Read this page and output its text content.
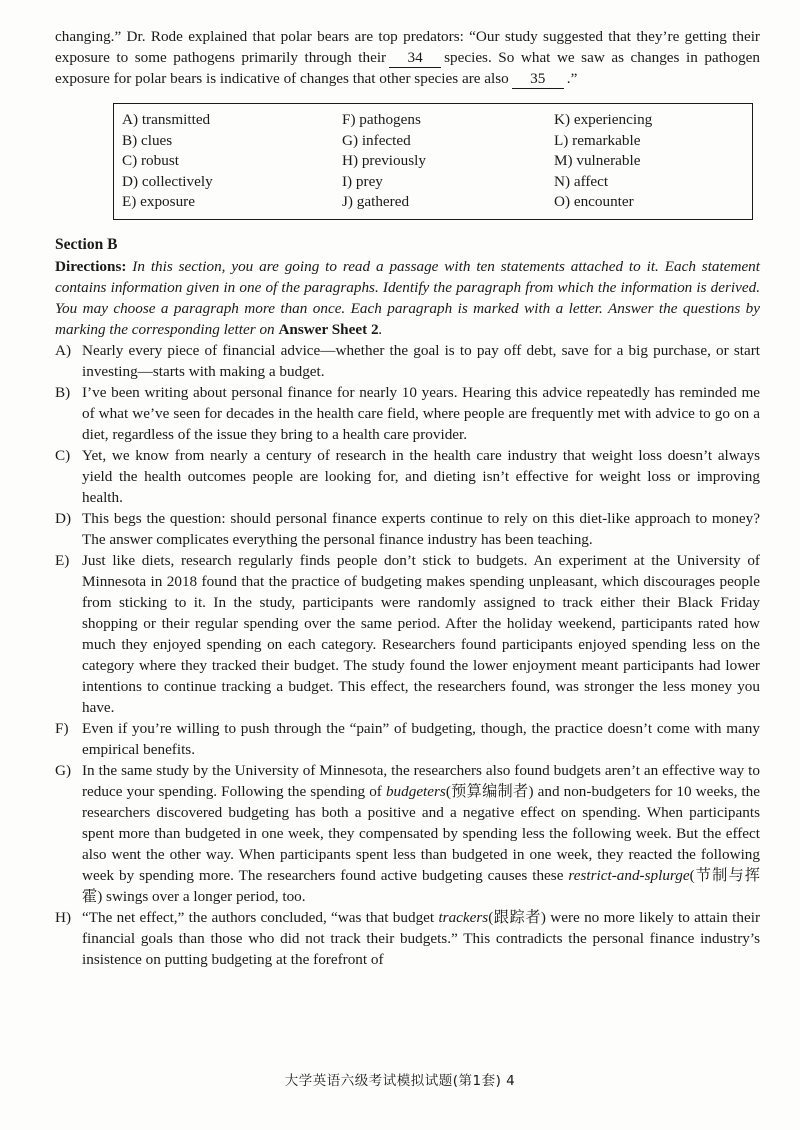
changing.” Dr. Rode explained that polar bears are top predators: “Our study suggested that they’re getting their exposure to some pathogens primarily through their 34 species. So what we saw as changes in pathogen exposure for polar bears is indicative of changes that other species are also 35 .”

A) transmitted	F) pathogens	K) experiencing
B) clues	G) infected	L) remarkable
C) robust	H) previously	M) vulnerable
D) collectively	I) prey	N) affect
E) exposure	J) gathered	O) encounter
Section B

Directions: In this section, you are going to read a passage with ten statements attached to it. Each statement contains information given in one of the paragraphs. Identify the paragraph from which the information is derived. You may choose a paragraph more than once. Each paragraph is marked with a letter. Answer the questions by marking the corresponding letter on Answer Sheet 2.

A) Nearly every piece of financial advice—whether the goal is to pay off debt, save for a big purchase, or start investing—starts with making a budget.
B) I’ve been writing about personal finance for nearly 10 years. Hearing this advice repeatedly has reminded me of what we’ve seen for decades in the health care field, where people are frequently met with advice to go on a diet, regardless of the issue they bring to a health care provider.
C) Yet, we know from nearly a century of research in the health care industry that weight loss doesn’t always yield the health outcomes people are looking for, and dieting isn’t effective for weight loss or improving health.
D) This begs the question: should personal finance experts continue to rely on this diet-like approach to money? The answer complicates everything the personal finance industry has been teaching.
E) Just like diets, research regularly finds people don’t stick to budgets. An experiment at the University of Minnesota in 2018 found that the practice of budgeting makes spending unpleasant, which discourages people from sticking to it. In the study, participants were randomly assigned to track either their Black Friday shopping or their regular spending over the same period. After the holiday weekend, participants rated how much they enjoyed spending on each category. Researchers found participants enjoyed spending less on the category where they tracked their budget. The study found the lower enjoyment meant participants had lower intentions to continue tracking a budget. This effect, the researchers found, was stronger the less money you have.
F) Even if you’re willing to push through the “pain” of budgeting, though, the practice doesn’t come with many empirical benefits.
G) In the same study by the University of Minnesota, the researchers also found budgets aren’t an effective way to reduce your spending. Following the spending of budgeters(预算编制者) and non-budgeters for 10 weeks, the researchers discovered budgeting has both a positive and a negative effect on spending. When participants spent more than budgeted in one week, they compensated by spending less the following week. But the effect also went the other way. When participants spent less than budgeted in one week, they reacted the following week by spending more. The researchers found active budgeting causes these restrict-and-splurge(节制与挥霍) swings over a longer period, too.
H) “The net effect,” the authors concluded, “was that budget trackers(跟踪者) were no more likely to attain their financial goals than those who did not track their budgets.” This contradicts the personal finance industry’s insistence on putting budgeting at the forefront of
大学英语六级考试模拟试题(第1套) 4
